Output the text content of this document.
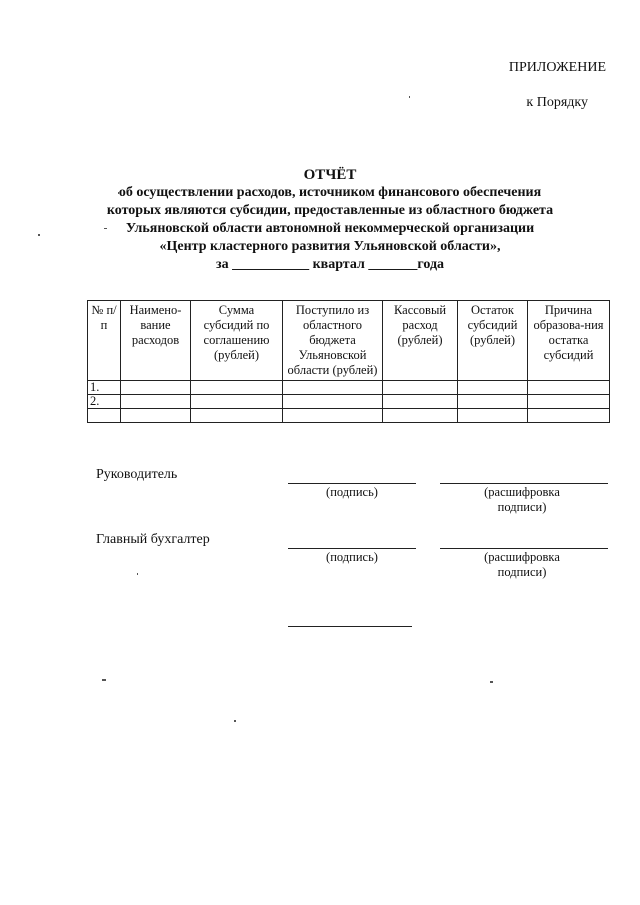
ПРИЛОЖЕНИЕ
к Порядку
ОТЧЁТ
об осуществлении расходов, источником финансового обеспечения
которых являются субсидии, предоставленные из областного бюджета
Ульяновской области автономной некоммерческой организации
«Центр кластерного развития Ульяновской области»,
за ___________ квартал _______года
№ п/п	Наимено-вание расходов	Сумма субсидий по соглашению (рублей)	Поступило из областного бюджета Ульяновской области (рублей)	Кассовый расход (рублей)	Остаток субсидий (рублей)	Причина образова-ния остатка субсидий
1.						
2.						

Руководитель
(подпись)	(расшифровка
подписи)
Главный бухгалтер
(подпись)	(расшифровка
подписи)
